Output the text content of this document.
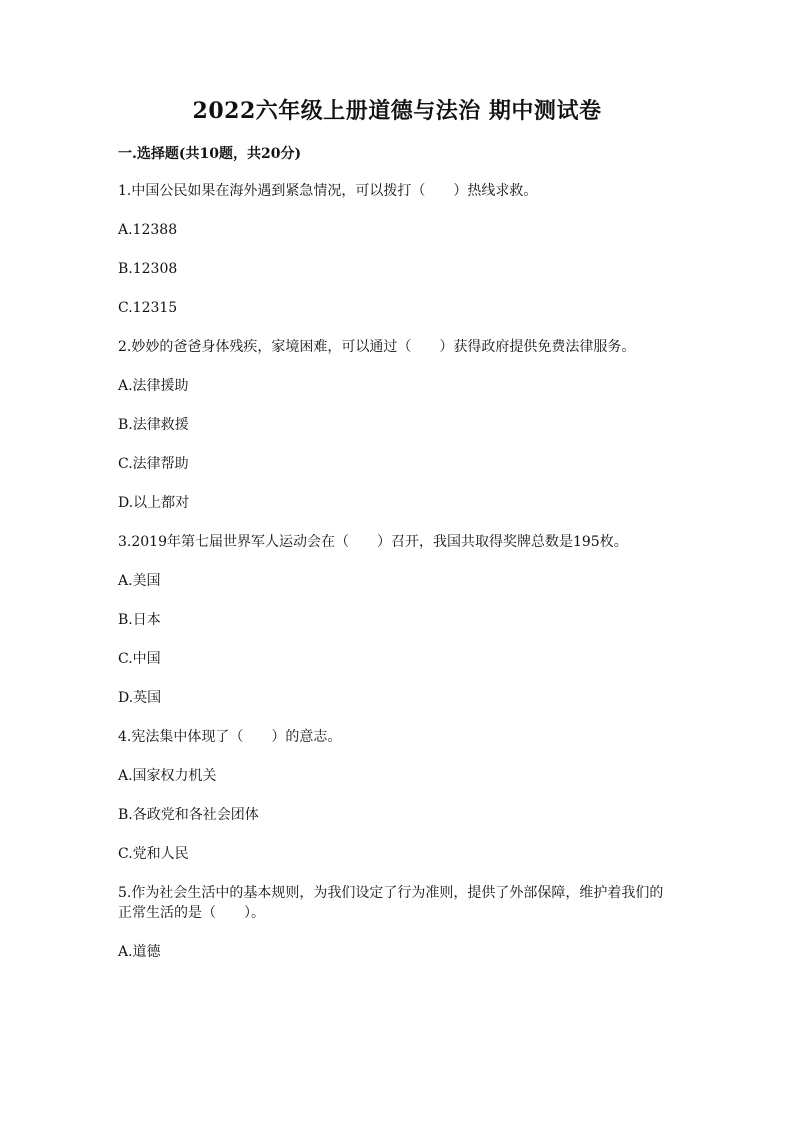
2022六年级上册道德与法治 期中测试卷
一.选择题(共10题，共20分)
1.中国公民如果在海外遇到紧急情况，可以拨打（　　）热线求救。
A.12388
B.12308
C.12315
2.妙妙的爸爸身体残疾，家境困难，可以通过（　　）获得政府提供免费法律服务。
A.法律援助
B.法律救援
C.法律帮助
D.以上都对
3.2019年第七届世界军人运动会在（　　）召开，我国共取得奖牌总数是195枚。
A.美国
B.日本
C.中国
D.英国
4.宪法集中体现了（　　）的意志。
A.国家权力机关
B.各政党和各社会团体
C.党和人民
5.作为社会生活中的基本规则，为我们设定了行为准则，提供了外部保障，维护着我们的正常生活的是（　　）。
A.道德
